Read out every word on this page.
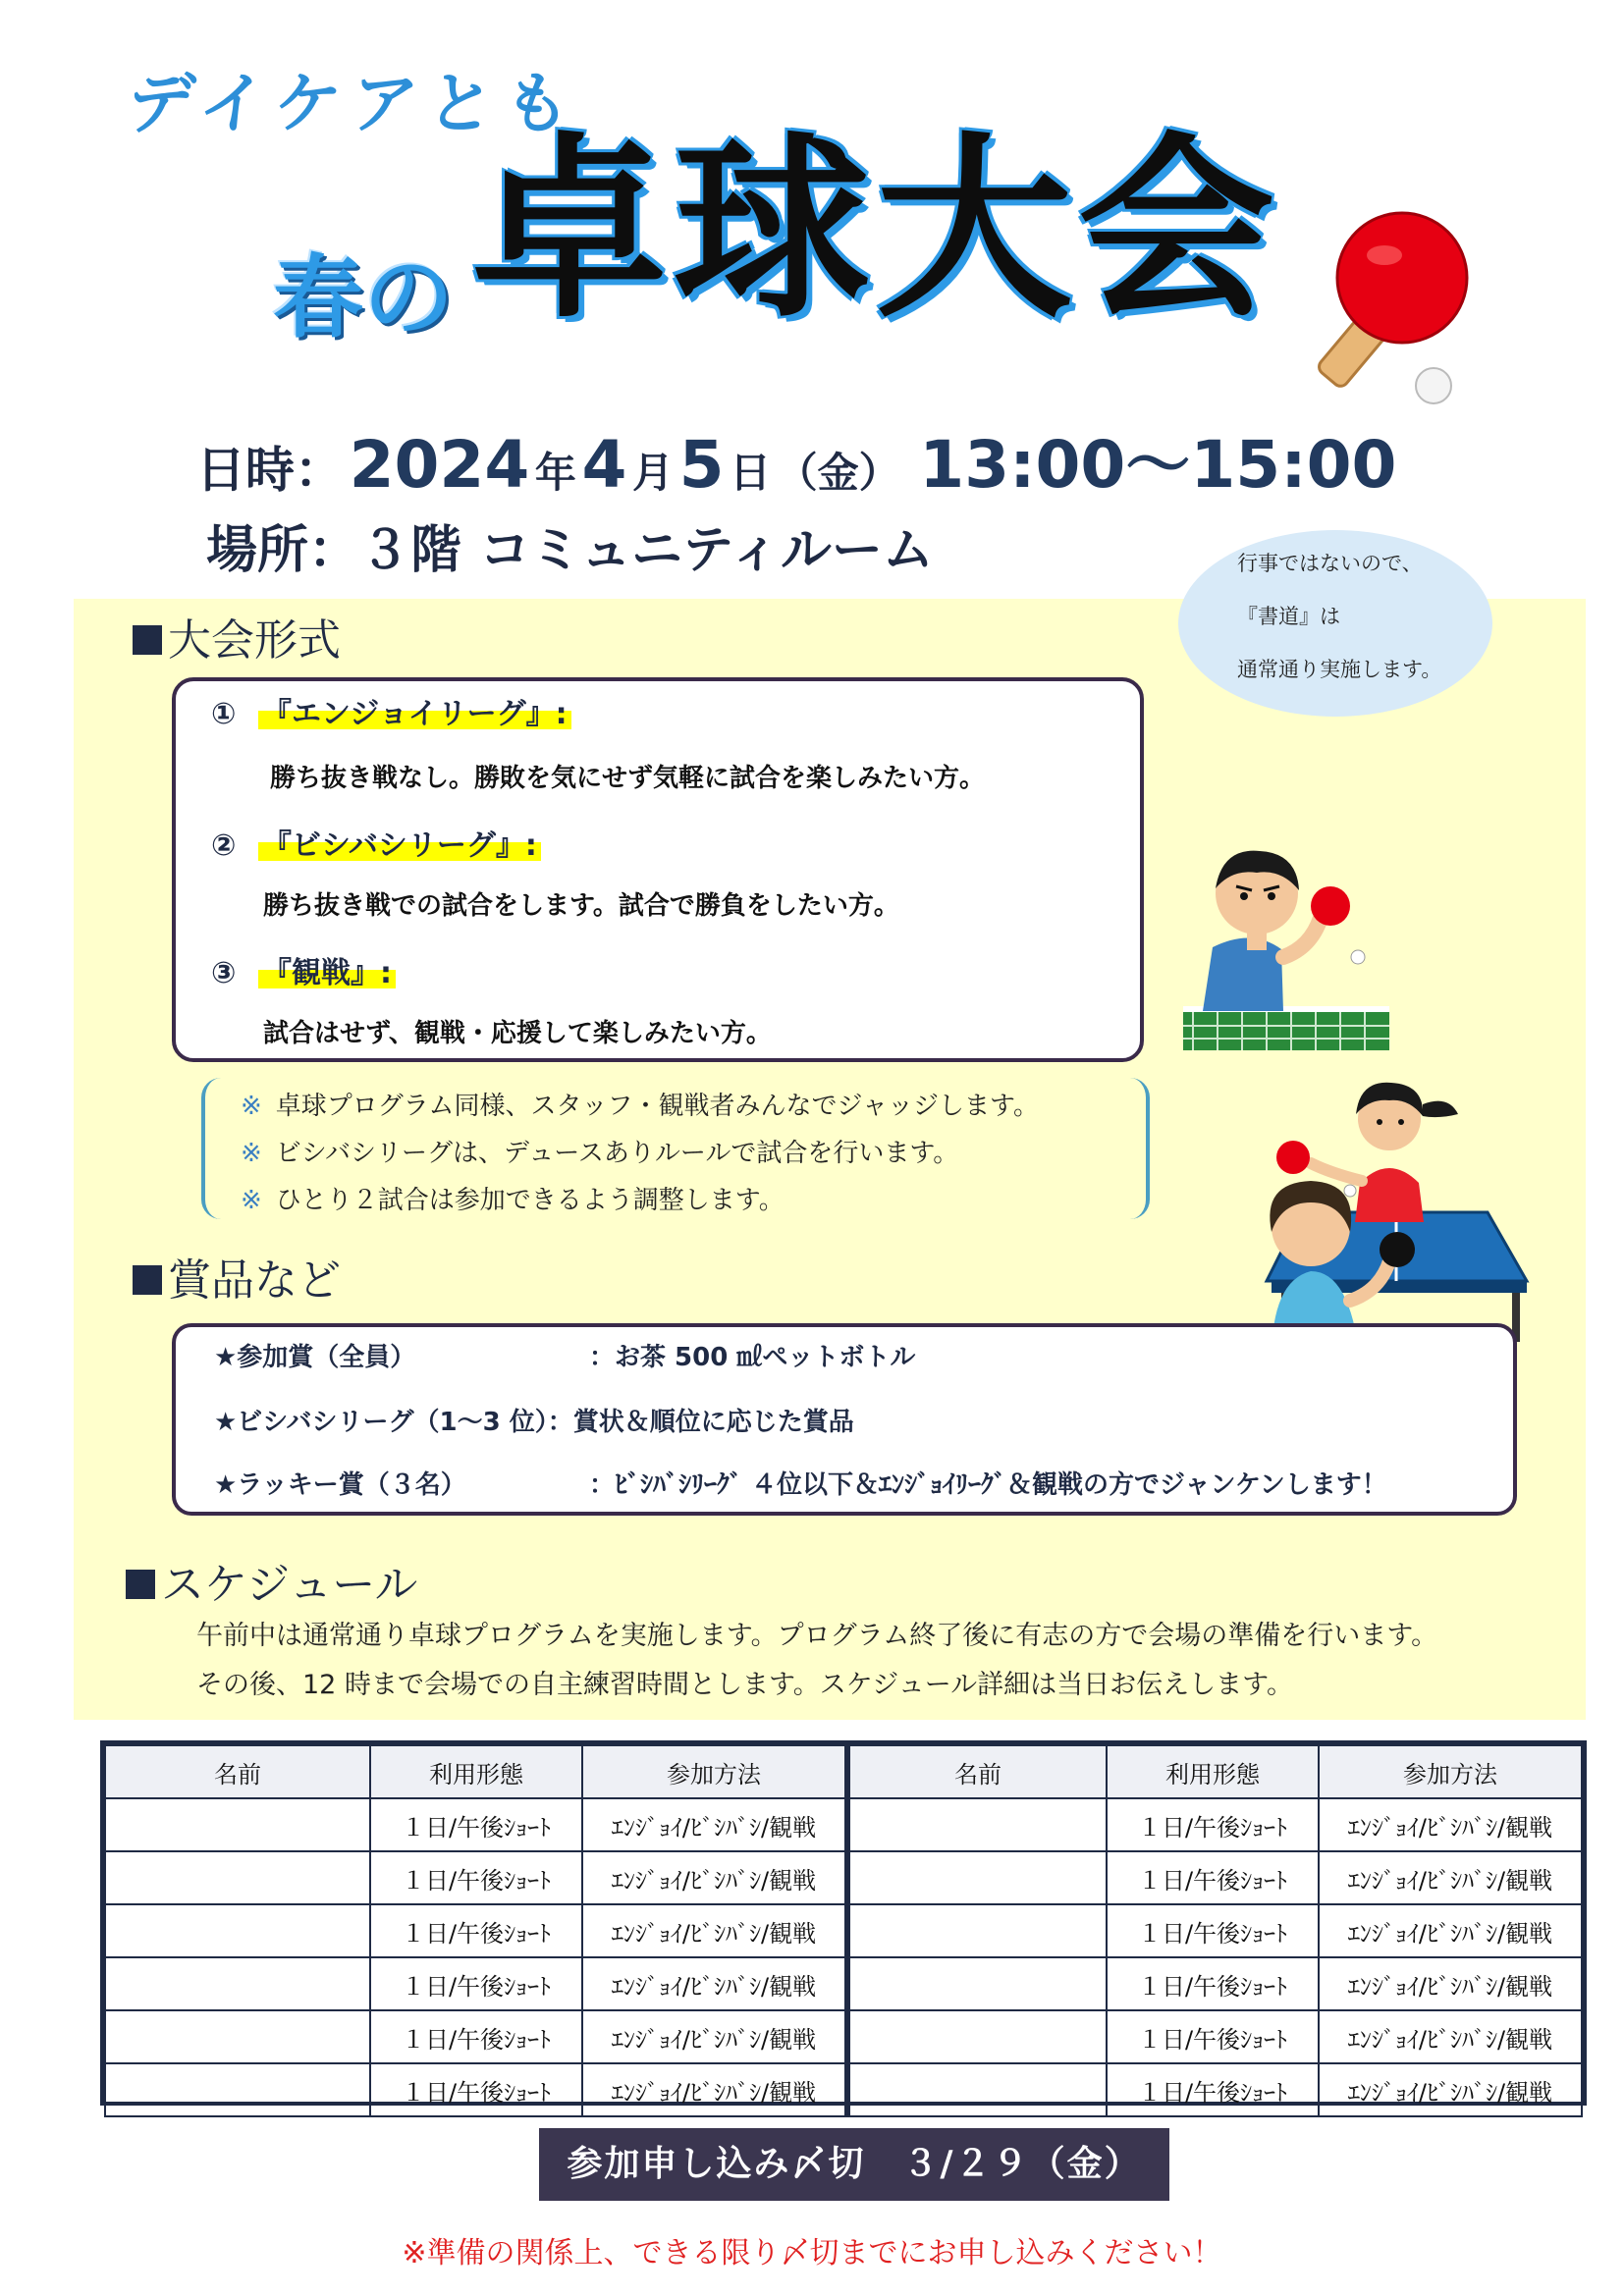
デイケアとも
春の 卓球大会
日時： 2024 年 4 月 5 日 （金） 13:00～15:00
場所：３階 コミュニティルーム	行事ではないので、
『書道』は
通常通り実施します。
大会形式
① 『エンジョイリーグ』:
勝ち抜き戦なし。勝敗を気にせず気軽に試合を楽しみたい方。
② 『ビシバシリーグ』:
勝ち抜き戦での試合をします。試合で勝負をしたい方。
③ 『観戦』:
試合はせず、観戦・応援して楽しみたい方。
※ 卓球プログラム同様、スタッフ・観戦者みんなでジャッジします。
※ ビシバシリーグは、デュースありルールで試合を行います。
※ ひとり２試合は参加できるよう調整します。
賞品など
★参加賞（全員）	：お茶 500 ㎖ペットボトル
★ビシバシリーグ（1～3 位）：賞状＆順位に応じた賞品
★ラッキー賞（３名）	：ﾋﾞｼﾊﾞｼﾘｰｸﾞ ４位以下＆ｴﾝｼﾞｮｲﾘｰｸﾞ＆観戦の方でジャンケンします！
スケジュール
午前中は通常通り卓球プログラムを実施します。プログラム終了後に有志の方で会場の準備を行います。
その後、12 時まで会場での自主練習時間とします。スケジュール詳細は当日お伝えします。
名前	利用形態	参加方法	名前	利用形態	参加方法
	１日/午後ｼｮｰﾄ	ｴﾝｼﾞｮｲ/ﾋﾞｼﾊﾞｼ/観戦		１日/午後ｼｮｰﾄ	ｴﾝｼﾞｮｲ/ﾋﾞｼﾊﾞｼ/観戦
	１日/午後ｼｮｰﾄ	ｴﾝｼﾞｮｲ/ﾋﾞｼﾊﾞｼ/観戦		１日/午後ｼｮｰﾄ	ｴﾝｼﾞｮｲ/ﾋﾞｼﾊﾞｼ/観戦
	１日/午後ｼｮｰﾄ	ｴﾝｼﾞｮｲ/ﾋﾞｼﾊﾞｼ/観戦		１日/午後ｼｮｰﾄ	ｴﾝｼﾞｮｲ/ﾋﾞｼﾊﾞｼ/観戦
	１日/午後ｼｮｰﾄ	ｴﾝｼﾞｮｲ/ﾋﾞｼﾊﾞｼ/観戦		１日/午後ｼｮｰﾄ	ｴﾝｼﾞｮｲ/ﾋﾞｼﾊﾞｼ/観戦
	１日/午後ｼｮｰﾄ	ｴﾝｼﾞｮｲ/ﾋﾞｼﾊﾞｼ/観戦		１日/午後ｼｮｰﾄ	ｴﾝｼﾞｮｲ/ﾋﾞｼﾊﾞｼ/観戦
	１日/午後ｼｮｰﾄ	ｴﾝｼﾞｮｲ/ﾋﾞｼﾊﾞｼ/観戦		１日/午後ｼｮｰﾄ	ｴﾝｼﾞｮｲ/ﾋﾞｼﾊﾞｼ/観戦
参加申し込み〆切　３/２９（金）
※準備の関係上、できる限り〆切までにお申し込みください！
